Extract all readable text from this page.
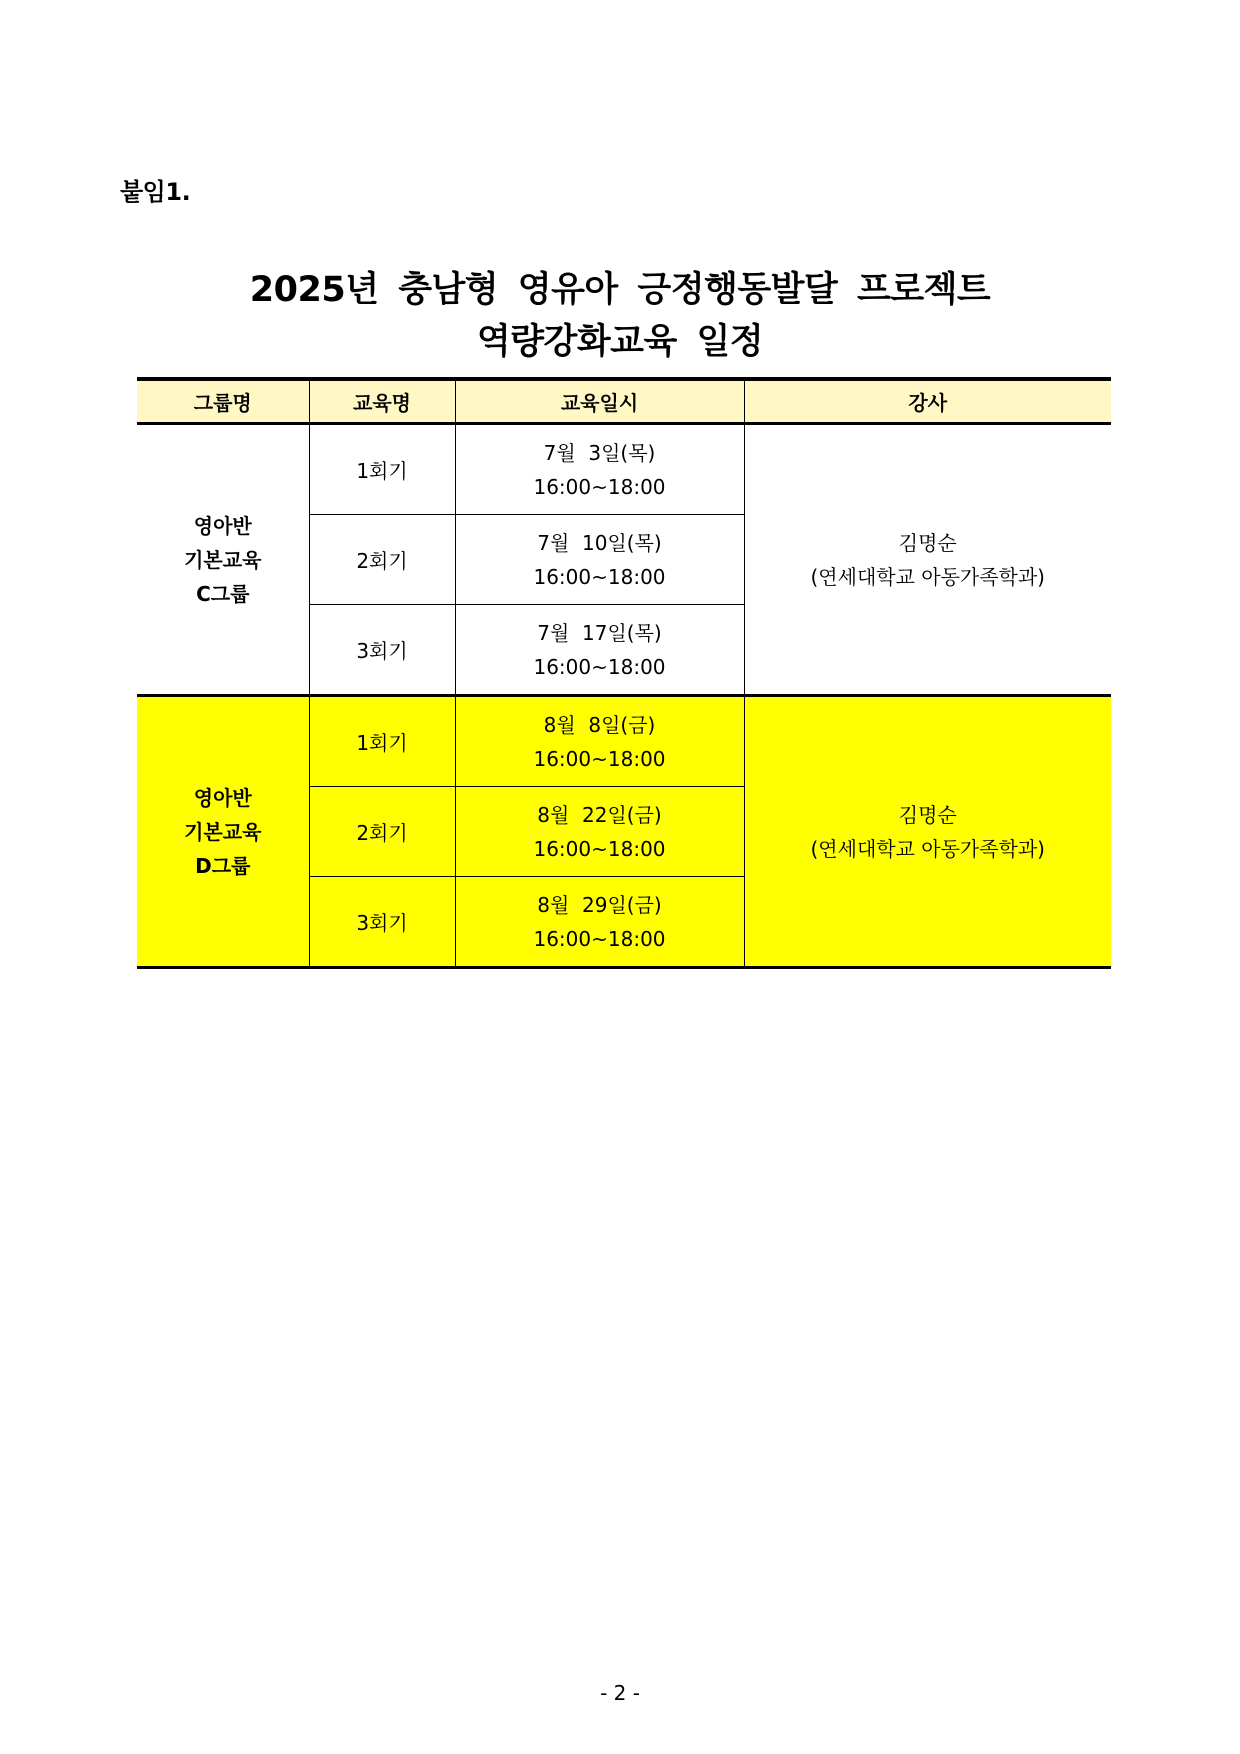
붙임1.
2025년 충남형 영유아 긍정행동발달 프로젝트
역량강화교육 일정
그룹명	교육명	교육일시	강사

영아반
기본교육
C그룹	1회기	7월  3일(목)
16:00~18:00	김명순
(연세대학교 아동가족학과)

	2회기	7월  10일(목)
16:00~18:00	

	3회기	7월  17일(목)
16:00~18:00	

영아반
기본교육
D그룹	1회기	8월  8일(금)
16:00~18:00	김명순
(연세대학교 아동가족학과)

	2회기	8월  22일(금)
16:00~18:00	

	3회기	8월  29일(금)
16:00~18:00	
- 2 -
